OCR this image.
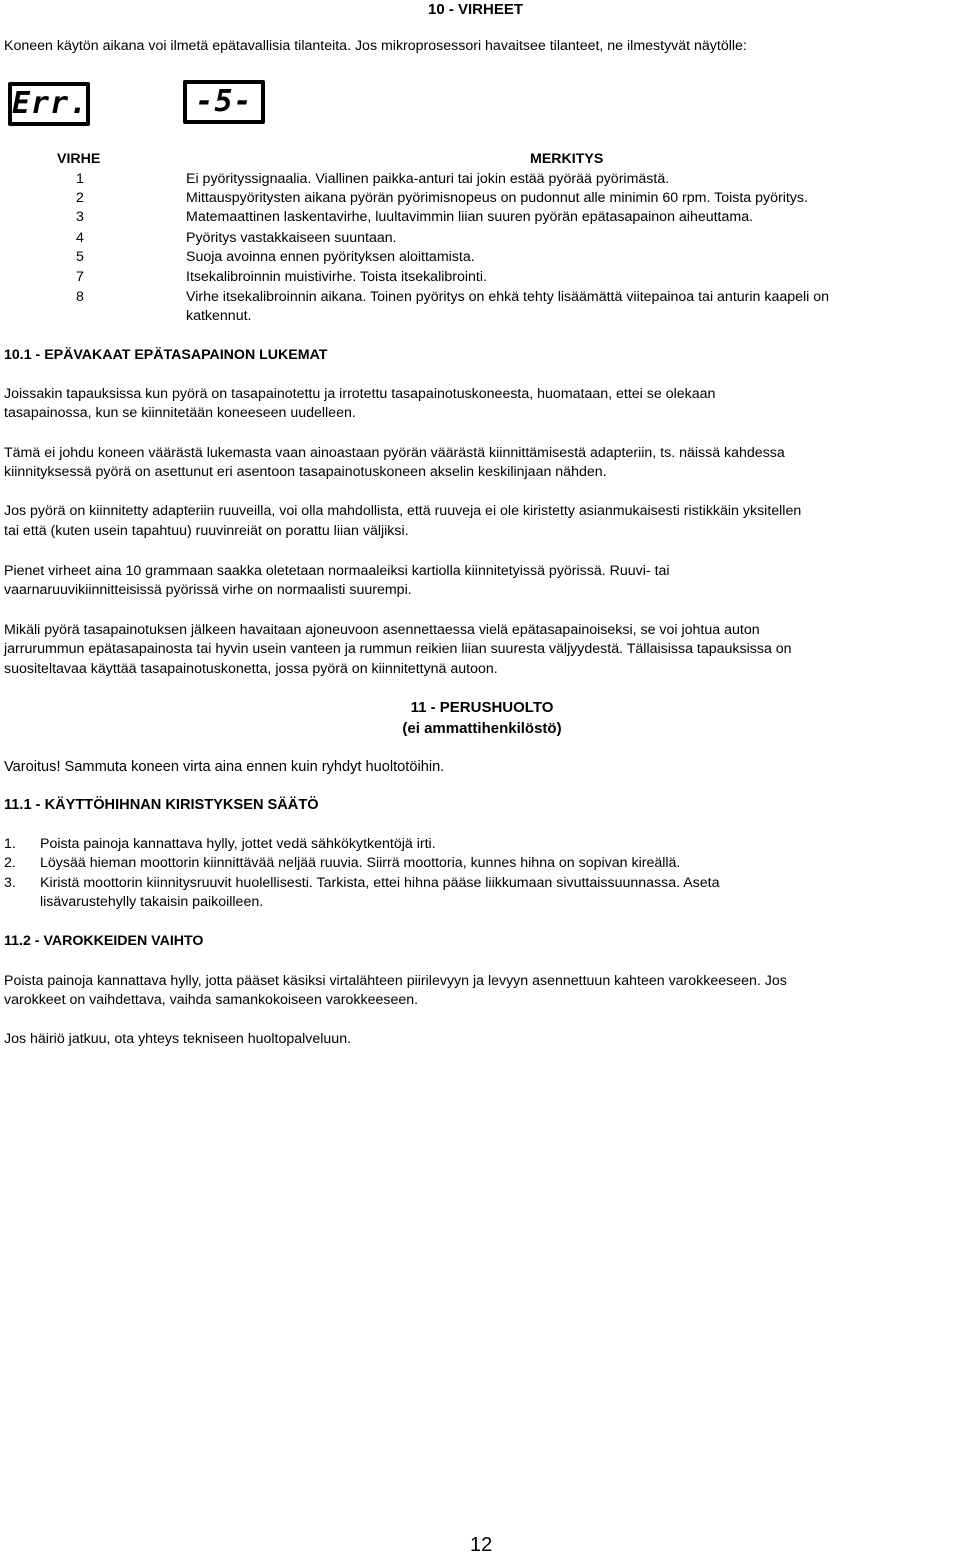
10 - VIRHEET
Koneen käytön aikana voi ilmetä epätavallisia tilanteita. Jos mikroprosessori havaitsee tilanteet, ne ilmestyvät näytölle:
Err.	-5-
VIRHE	MERKITYS
1	Ei pyörityssignaalia. Viallinen paikka-anturi tai jokin estää pyörää pyörimästä.
2	Mittauspyöritysten aikana pyörän pyörimisnopeus on pudonnut alle minimin 60 rpm. Toista pyöritys.
3	Matemaattinen laskentavirhe, luultavimmin liian suuren pyörän epätasapainon aiheuttama.
4	Pyöritys vastakkaiseen suuntaan.
5	Suoja avoinna ennen pyörityksen aloittamista.
7	Itsekalibroinnin muistivirhe. Toista itsekalibrointi.
8	Virhe itsekalibroinnin aikana. Toinen pyöritys on ehkä tehty lisäämättä viitepainoa tai anturin kaapeli on
katkennut.
10.1 - EPÄVAKAAT EPÄTASAPAINON LUKEMAT
Joissakin tapauksissa kun pyörä on tasapainotettu ja irrotettu tasapainotuskoneesta, huomataan, ettei se olekaan
tasapainossa, kun se kiinnitetään koneeseen uudelleen.
Tämä ei johdu koneen väärästä lukemasta vaan ainoastaan pyörän väärästä kiinnittämisestä adapteriin, ts. näissä kahdessa
kiinnityksessä pyörä on asettunut eri asentoon tasapainotuskoneen akselin keskilinjaan nähden.
Jos pyörä on kiinnitetty adapteriin ruuveilla, voi olla mahdollista, että ruuveja ei ole kiristetty asianmukaisesti ristikkäin yksitellen
tai että (kuten usein tapahtuu) ruuvinreiät on porattu liian väljiksi.
Pienet virheet aina 10 grammaan saakka oletetaan normaaleiksi kartiolla kiinnitetyissä pyörissä. Ruuvi- tai
vaarnaruuvikiinnitteisissä pyörissä virhe on normaalisti suurempi.
Mikäli pyörä tasapainotuksen jälkeen havaitaan ajoneuvoon asennettaessa vielä epätasapainoiseksi, se voi johtua auton
jarrurummun epätasapainosta tai hyvin usein vanteen ja rummun reikien liian suuresta väljyydestä. Tällaisissa tapauksissa on
suositeltavaa käyttää tasapainotuskonetta, jossa pyörä on kiinnitettynä autoon.
11 - PERUSHUOLTO
(ei ammattihenkilöstö)
Varoitus! Sammuta koneen virta aina ennen kuin ryhdyt huoltotöihin.
11.1 - KÄYTTÖHIHNAN KIRISTYKSEN SÄÄTÖ
1. Poista painoja kannattava hylly, jottet vedä sähkökytkentöjä irti.
2. Löysää hieman moottorin kiinnittävää neljää ruuvia. Siirrä moottoria, kunnes hihna on sopivan kireällä.
3. Kiristä moottorin kiinnitysruuvit huolellisesti. Tarkista, ettei hihna pääse liikkumaan sivuttaissuunnassa. Aseta
lisävarustehylly takaisin paikoilleen.
11.2 - VAROKKEIDEN VAIHTO
Poista painoja kannattava hylly, jotta pääset käsiksi virtalähteen piirilevyyn ja levyyn asennettuun kahteen varokkeeseen. Jos
varokkeet on vaihdettava, vaihda samankokoiseen varokkeeseen.
Jos häiriö jatkuu, ota yhteys tekniseen huoltopalveluun.
12
